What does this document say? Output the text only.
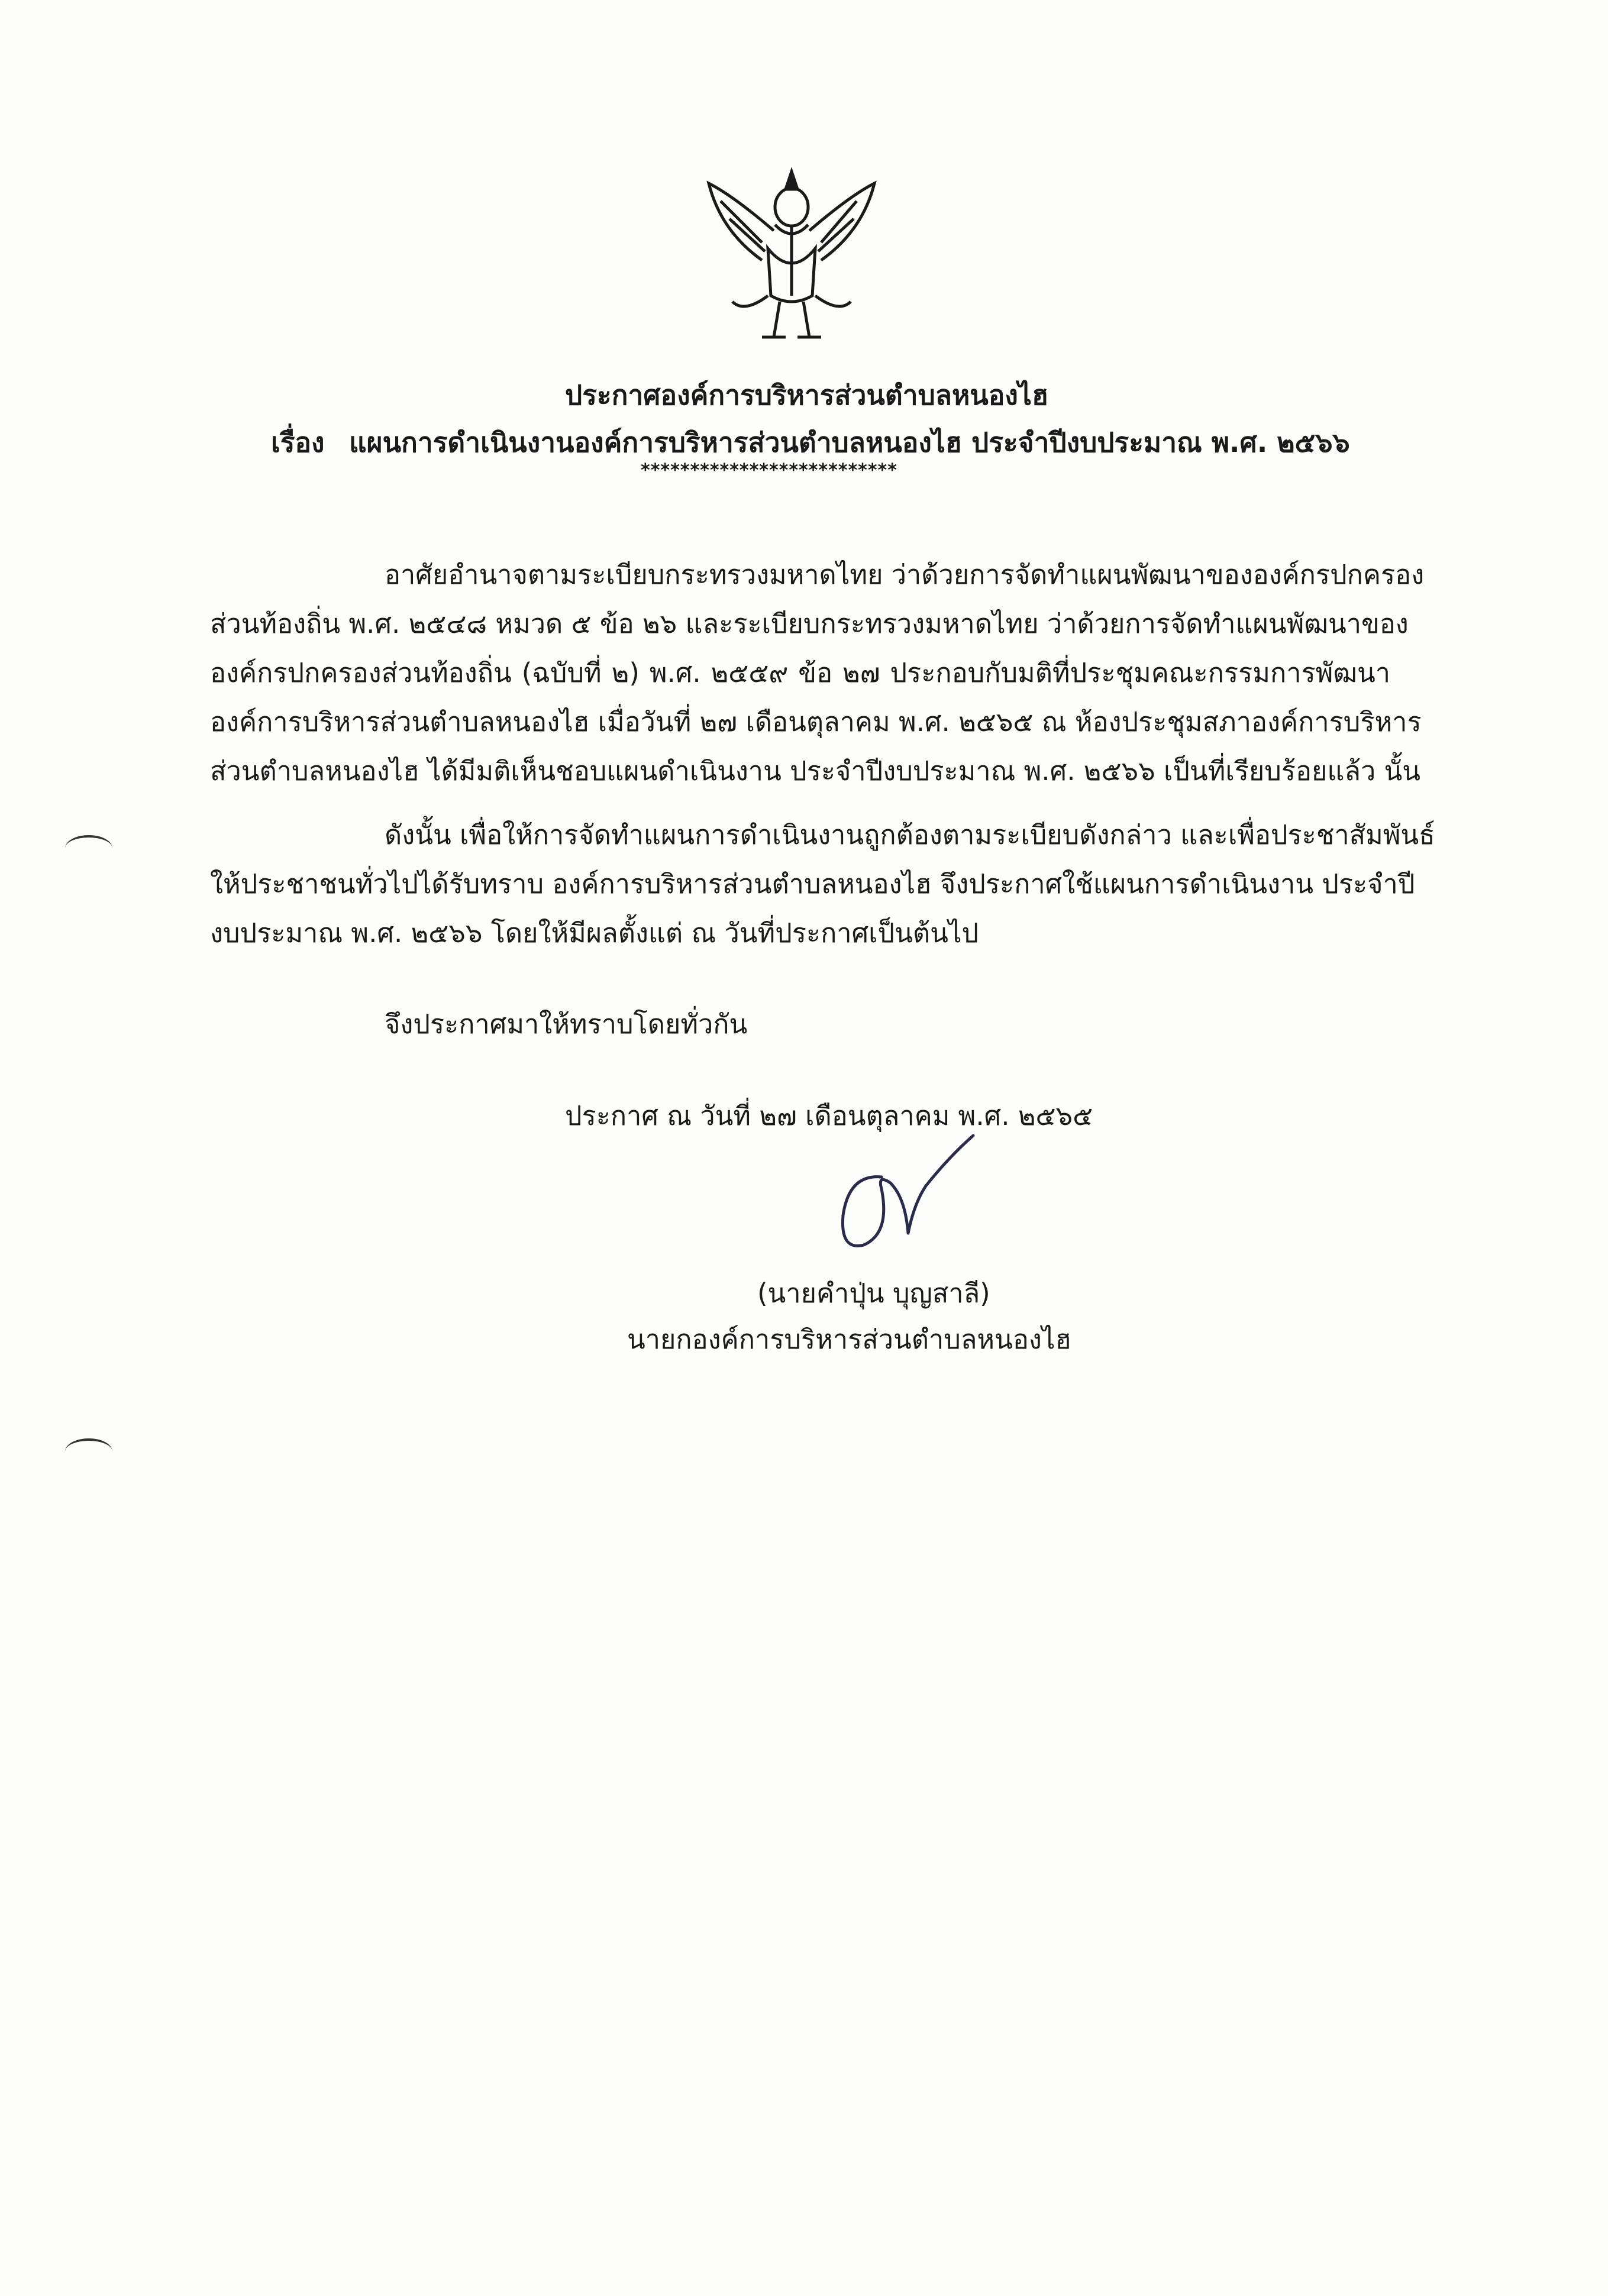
ประกาศองค์การบริหารส่วนตำบลหนองไฮ
เรื่อง แผนการดำเนินงานองค์การบริหารส่วนตำบลหนองไฮ ประจำปีงบประมาณ พ.ศ. ๒๕๖๖
**************************
อาศัยอำนาจตามระเบียบกระทรวงมหาดไทย ว่าด้วยการจัดทำแผนพัฒนาขององค์กรปกครอง
ส่วนท้องถิ่น พ.ศ. ๒๕๔๘ หมวด ๕ ข้อ ๒๖ และระเบียบกระทรวงมหาดไทย ว่าด้วยการจัดทำแผนพัฒนาของ
องค์กรปกครองส่วนท้องถิ่น (ฉบับที่ ๒) พ.ศ. ๒๕๕๙ ข้อ ๒๗ ประกอบกับมติที่ประชุมคณะกรรมการพัฒนา
องค์การบริหารส่วนตำบลหนองไฮ เมื่อวันที่ ๒๗ เดือนตุลาคม พ.ศ. ๒๕๖๕ ณ ห้องประชุมสภาองค์การบริหาร
ส่วนตำบลหนองไฮ ได้มีมติเห็นชอบแผนดำเนินงาน ประจำปีงบประมาณ พ.ศ. ๒๕๖๖ เป็นที่เรียบร้อยแล้ว นั้น
ดังนั้น เพื่อให้การจัดทำแผนการดำเนินงานถูกต้องตามระเบียบดังกล่าว และเพื่อประชาสัมพันธ์
ให้ประชาชนทั่วไปได้รับทราบ องค์การบริหารส่วนตำบลหนองไฮ จึงประกาศใช้แผนการดำเนินงาน ประจำปี
งบประมาณ พ.ศ. ๒๕๖๖ โดยให้มีผลตั้งแต่ ณ วันที่ประกาศเป็นต้นไป
จึงประกาศมาให้ทราบโดยทั่วกัน
ประกาศ ณ วันที่ ๒๗ เดือนตุลาคม พ.ศ. ๒๕๖๕
(นายคำปุ่น บุญสาลี)
นายกองค์การบริหารส่วนตำบลหนองไฮ
